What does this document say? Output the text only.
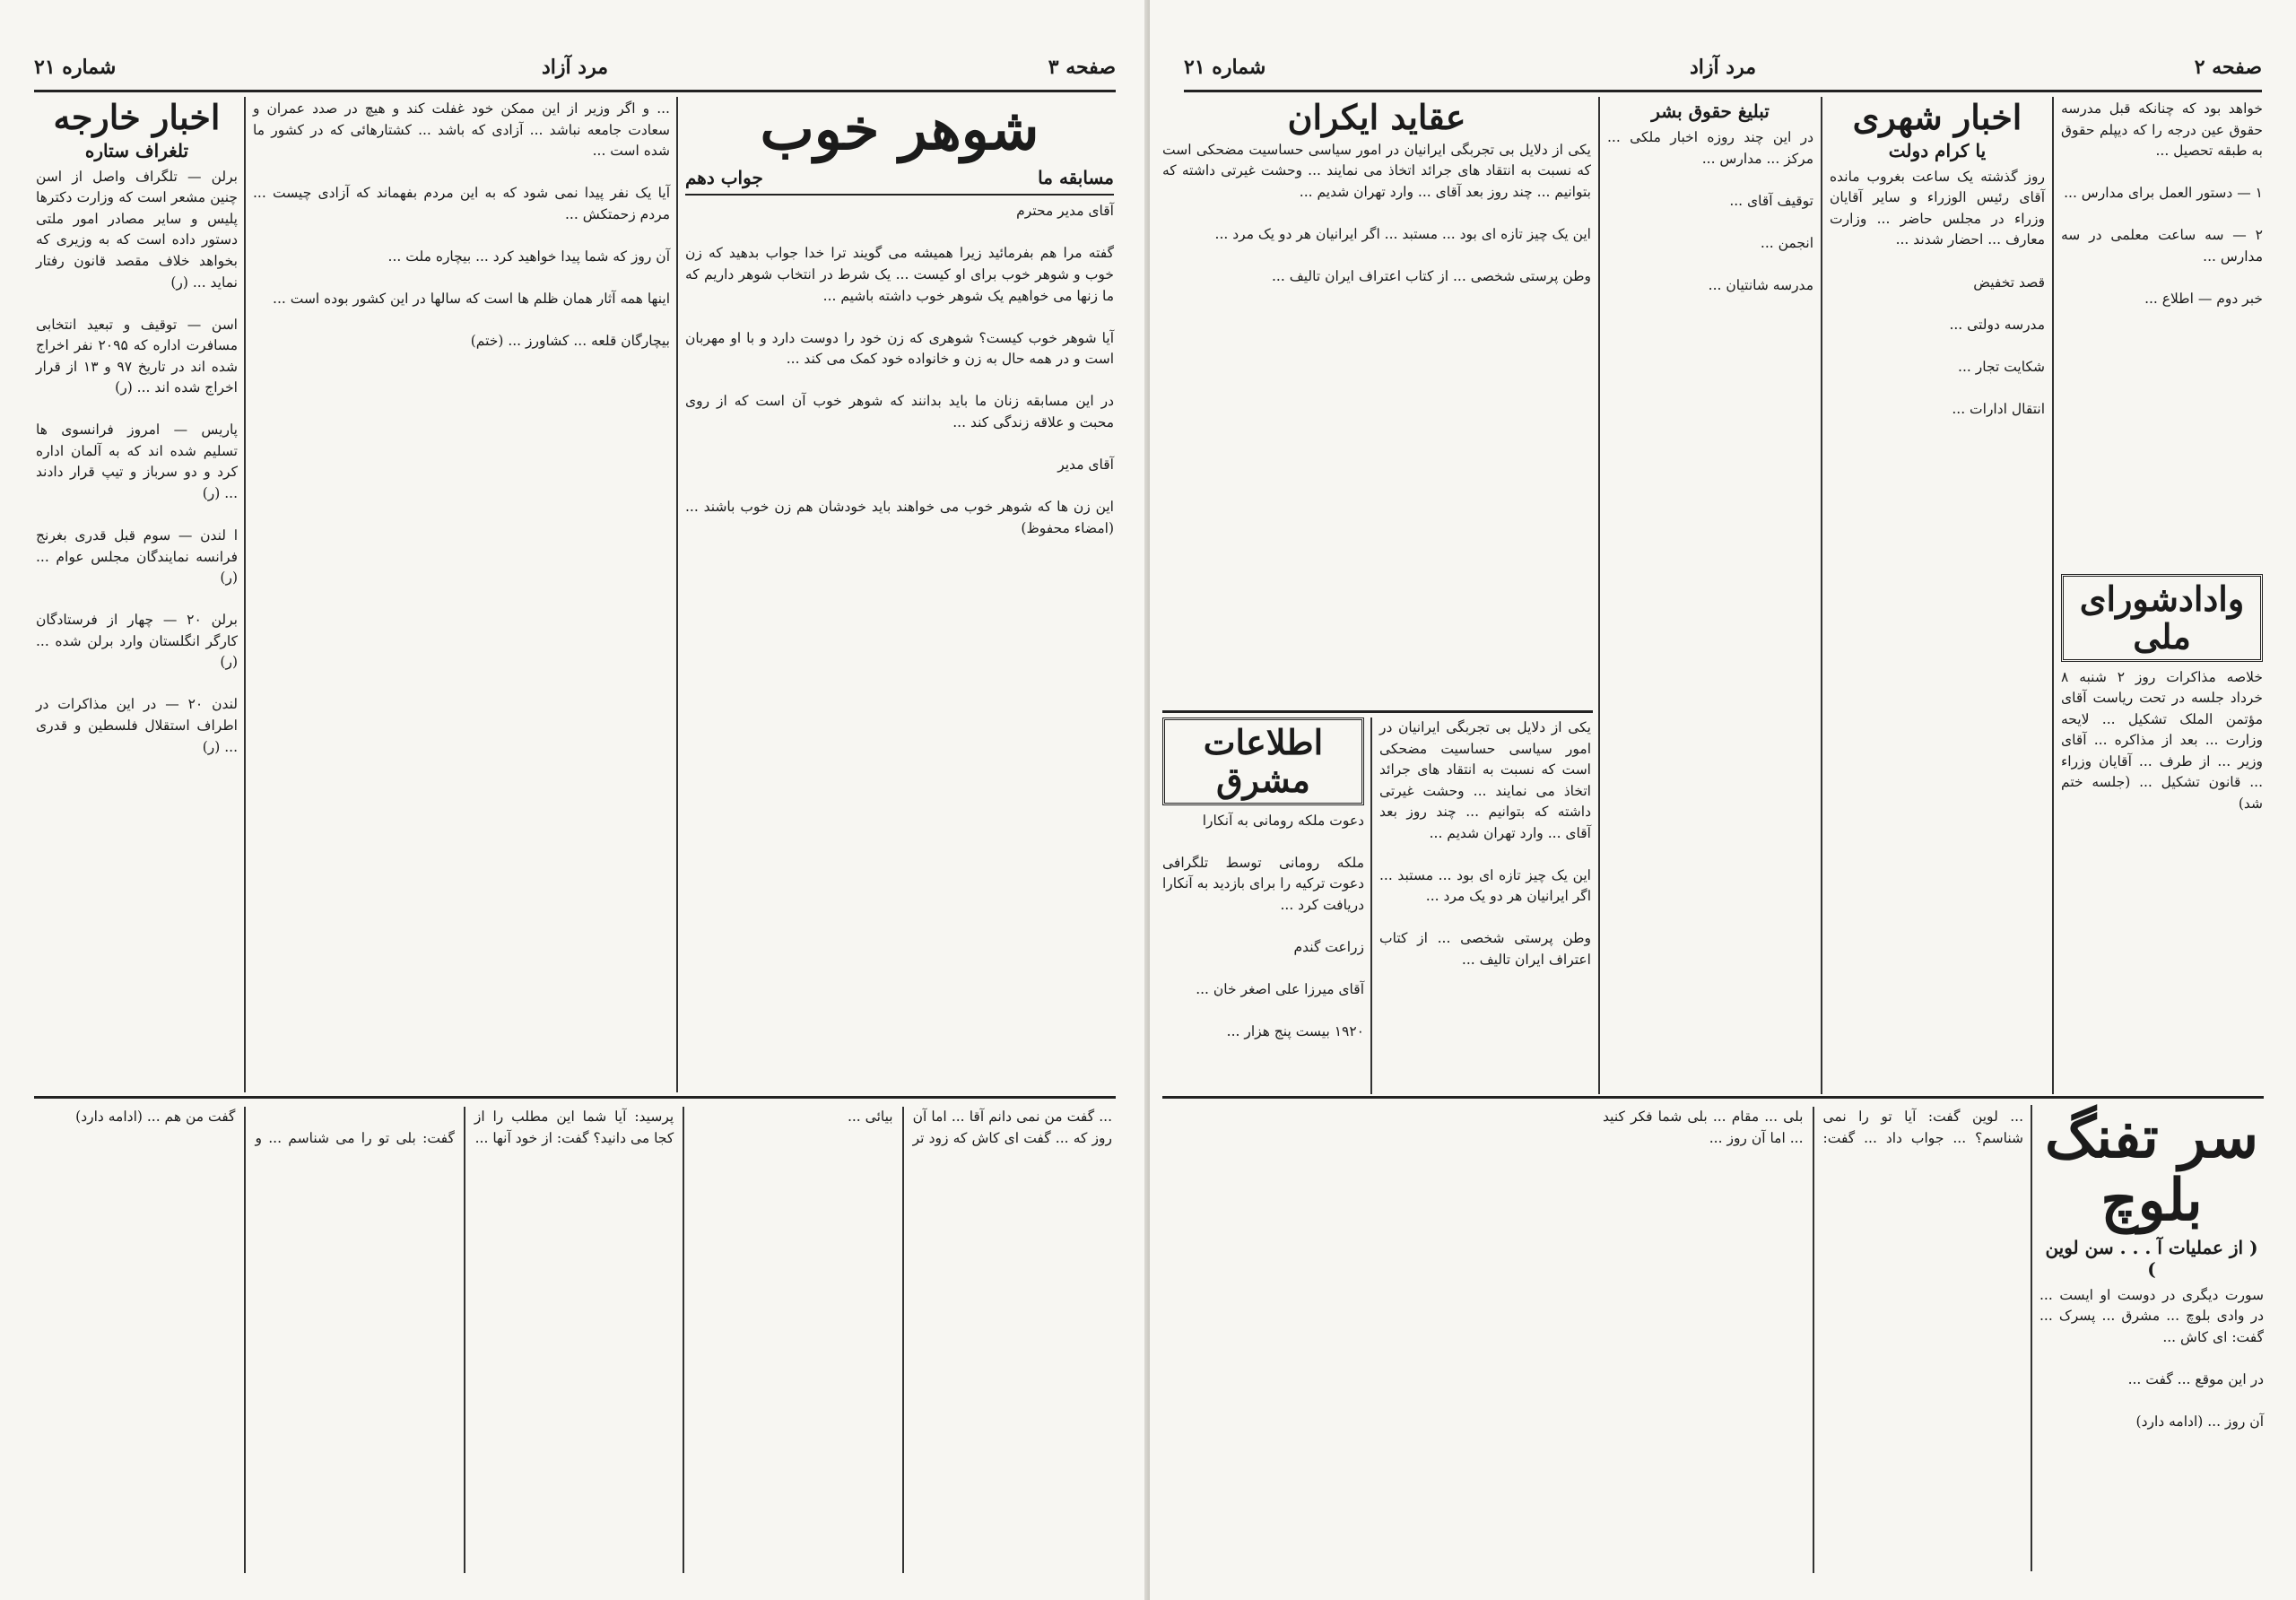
شماره ۲۱	مرد آزاد	صفحه ۳
اخبار خارجه
تلغراف ستاره
برلن — تلگراف واصل از اسن چنین مشعر است که وزارت دکترها پلیس و سایر مصادر امور ملتی دستور داده است که به وزیری که بخواهد خلاف مقصد قانون رفتار نماید ... (ر)

اسن — توقیف و تبعید انتخابی مسافرت اداره که ۲۰۹۵ نفر اخراج شده اند در تاریخ ۹۷ و ۱۳ از قرار اخراج شده اند ... (ر)

پاریس — امروز فرانسوی ها تسلیم شده اند که به آلمان اداره کرد و دو سرباز و تیپ قرار دادند ... (ر)

ا لندن — سوم قبل قدری بغرنج فرانسه نمایندگان مجلس عوام ... (ر)

برلن ۲۰ — چهار از فرستادگان کارگر انگلستان وارد برلن شده ... (ر)

لندن ۲۰ — در این مذاکرات در اطراف استقلال فلسطین و قدری ... (ر)
... و اگر وزیر از این ممکن خود غفلت کند و هیچ در صدد عمران و سعادت جامعه نباشد ... آزادی که باشد ... کشتارهائی که در کشور ما شده است ...

آیا یک نفر پیدا نمی شود که به این مردم بفهماند که آزادی چیست ... مردم زحمتکش ...

آن روز که شما پیدا خواهید کرد ... بیچاره ملت ...

اینها همه آثار همان ظلم ها است که سالها در این کشور بوده است ...

بیچارگان قلعه ... کشاورز ... (ختم)
شوهر خوب
مسابقه ما
جواب دهم
آقای مدیر محترم

گفته مرا هم بفرمائید زیرا همیشه می گویند ترا خدا جواب بدهید که زن خوب و شوهر خوب برای او کیست ... یک شرط در انتخاب شوهر داریم که ما زنها می خواهیم یک شوهر خوب داشته باشیم ...

آیا شوهر خوب کیست؟ شوهری که زن خود را دوست دارد و با او مهربان است و در همه حال به زن و خانواده خود کمک می کند ...

در این مسابقه زنان ما باید بدانند که شوهر خوب آن است که از روی محبت و علاقه زندگی کند ...

آقای مدیر

این زن ها که شوهر خوب می خواهند باید خودشان هم زن خوب باشند ... (امضاء محفوظ)
... گفت من نمی دانم آقا ... اما آن روز که ... گفت ای کاش که زود تر بیائی ...

پرسید: آیا شما این مطلب را از کجا می دانید؟ گفت: از خود آنها ...

گفت: بلی تو را می شناسم ... و گفت من هم ... (ادامه دارد)
شماره ۲۱	مرد آزاد	صفحه ۲
عقاید ایکران
یکی از دلایل بی تجربگی ایرانیان در امور سیاسی حساسیت مضحکی است که نسبت به انتقاد های جرائد اتخاذ می نمایند ... وحشت غیرتی داشته که بتوانیم ... چند روز بعد آقای ... وارد تهران شدیم ...

این یک چیز تازه ای بود ... مستبد ... اگر ایرانیان هر دو یک مرد ...

وطن پرستی شخصی ... از کتاب اعتراف ایران تالیف ...
اطلاعات مشرق
دعوت ملکه رومانی به آنکارا

ملکه رومانی توسط تلگرافی دعوت ترکیه را برای بازدید به آنکارا دریافت کرد ...

زراعت گندم

آقای میرزا علی اصغر خان ...

۱۹۲۰ بیست پنج هزار ...
یکی از دلایل بی تجربگی ایرانیان در امور سیاسی حساسیت مضحکی است که نسبت به انتقاد های جرائد اتخاذ می نمایند ... وحشت غیرتی داشته که بتوانیم ... چند روز بعد آقای ... وارد تهران شدیم ...

این یک چیز تازه ای بود ... مستبد ... اگر ایرانیان هر دو یک مرد ...

وطن پرستی شخصی ... از کتاب اعتراف ایران تالیف ...
تبلیغ حقوق بشر
در این چند روزه اخبار ملکی ... مرکز ... مدارس ...

توقیف آقای ...

انجمن ...

مدرسه شانتیان ...
اخبار شهری
یا کرام دولت
روز گذشته یک ساعت بغروب مانده آقای رئیس الوزراء و سایر آقایان وزراء در مجلس حاضر ... وزارت معارف ... احضار شدند ...

قصد تخفیض

مدرسه دولتی ...

شکایت تجار ...

انتقال ادارات ...
خواهد بود که چنانکه قبل مدرسه حقوق عین درجه را که دیپلم حقوق به طبقه تحصیل ...

۱ — دستور العمل برای مدارس ...

۲ — سه ساعت معلمی در سه مدارس ...

خبر دوم — اطلاع ...
وادادشورای ملی
خلاصه مذاکرات روز ۲ شنبه ۸ خرداد جلسه در تحت ریاست آقای مؤتمن الملک تشکیل ... لایحه وزارت ... بعد از مذاکره ... آقای وزیر ... از طرف ... آقایان وزراء ... قانون تشکیل ... (جلسه ختم شد)
... لوین گفت: آیا تو را نمی شناسم؟ ... جواب داد ... گفت: بلی ... مقام ... بلی شما فکر کنید ... اما آن روز ...	سر تفنگ بلوچ
( از عملیات آ . . . سن لوین )
سورت دیگری در دوست او ایست ... در وادی بلوچ ... مشرق ... پسرک ... گفت: ای کاش ...

در این موقع ... گفت ...

آن روز ... (ادامه دارد)
